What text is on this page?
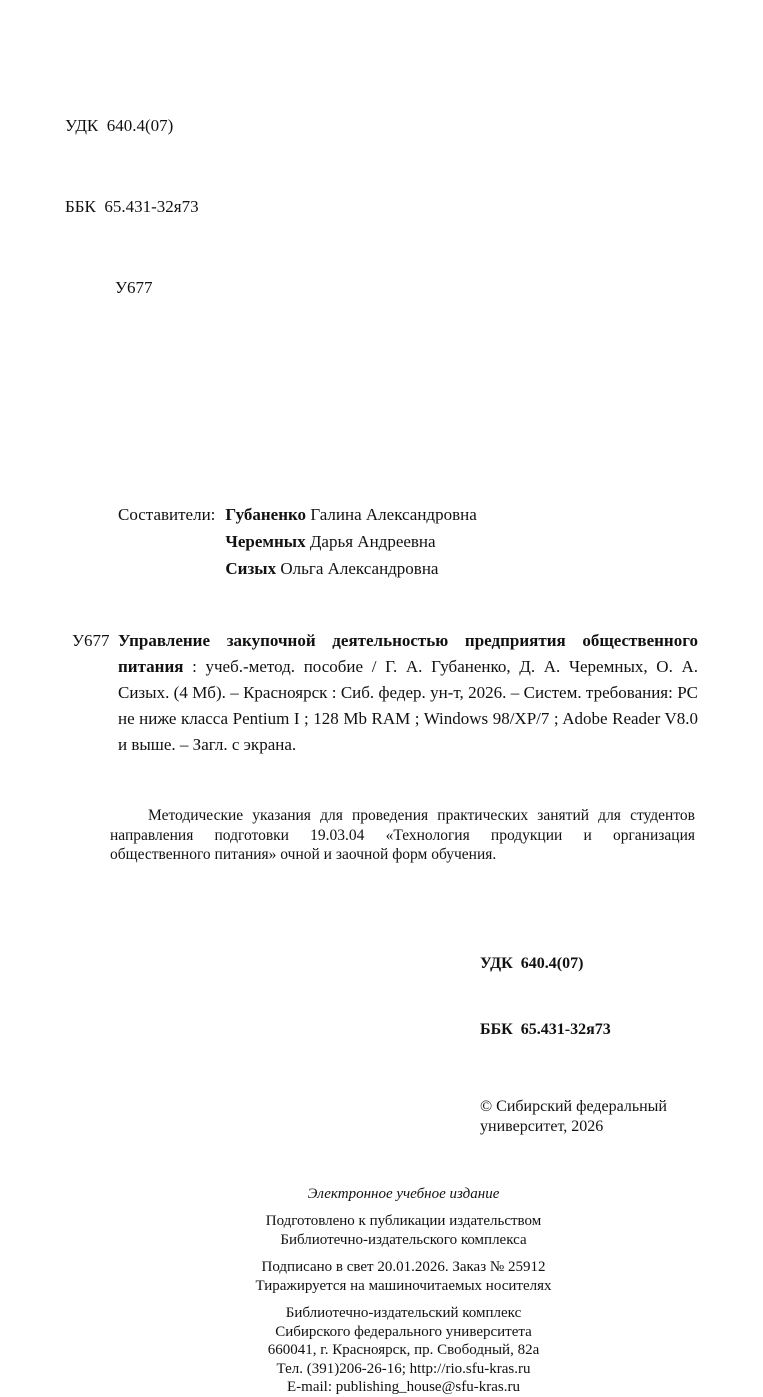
УДК  640.4(07)

ББК  65.431-32я73

У677

Составители: Губаненко Галина Александровна
Черемных Дарья Андреевна
Сизых Ольга Александровна
У677 Управление закупочной деятельностью предприятия общественного питания : учеб.-метод. пособие / Г. А. Губаненко, Д. А. Черемных, О. А. Сизых. (4 Мб). – Красноярск : Сиб. федер. ун-т, 2026. – Систем. требования: PC не ниже класса Pentium I ; 128 Mb RAM ; Windows 98/XP/7 ; Adobe Reader V8.0 и выше. – Загл. с экрана.

Методические указания для проведения практических занятий для студентов направления подготовки 19.03.04 «Технология продукции и организация общественного питания» очной и заочной форм обучения.

УДК  640.4(07)

ББК  65.431-32я73

© Сибирский федеральный университет, 2026
Электронное учебное издание
Подготовлено к публикации издательством
Библиотечно-издательского комплекса
Подписано в свет 20.01.2026. Заказ № 25912
Тиражируется на машиночитаемых носителях
Библиотечно-издательский комплекс
Сибирского федерального университета
660041, г. Красноярск, пр. Свободный, 82а
Тел. (391)206-26-16; http://rio.sfu-kras.ru
E-mail: publishing_house@sfu-kras.ru
